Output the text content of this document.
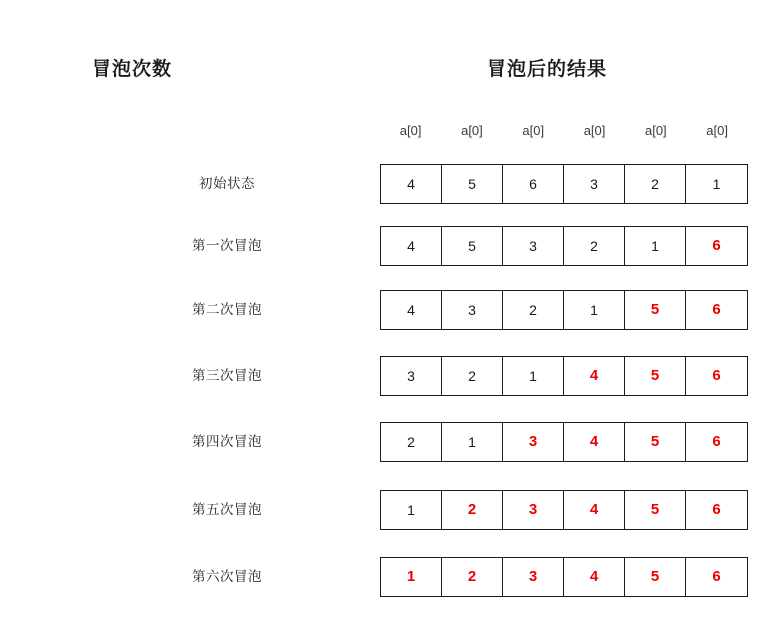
冒泡次数	冒泡后的结果
a[0]	a[0]	a[0]	a[0]	a[0]	a[0]
初始状态	4	5	6	3	2	1
第一次冒泡	4	5	3	2	1	6
第二次冒泡	4	3	2	1	5	6
第三次冒泡	3	2	1	4	5	6
第四次冒泡	2	1	3	4	5	6
第五次冒泡	1	2	3	4	5	6
第六次冒泡	1	2	3	4	5	6
